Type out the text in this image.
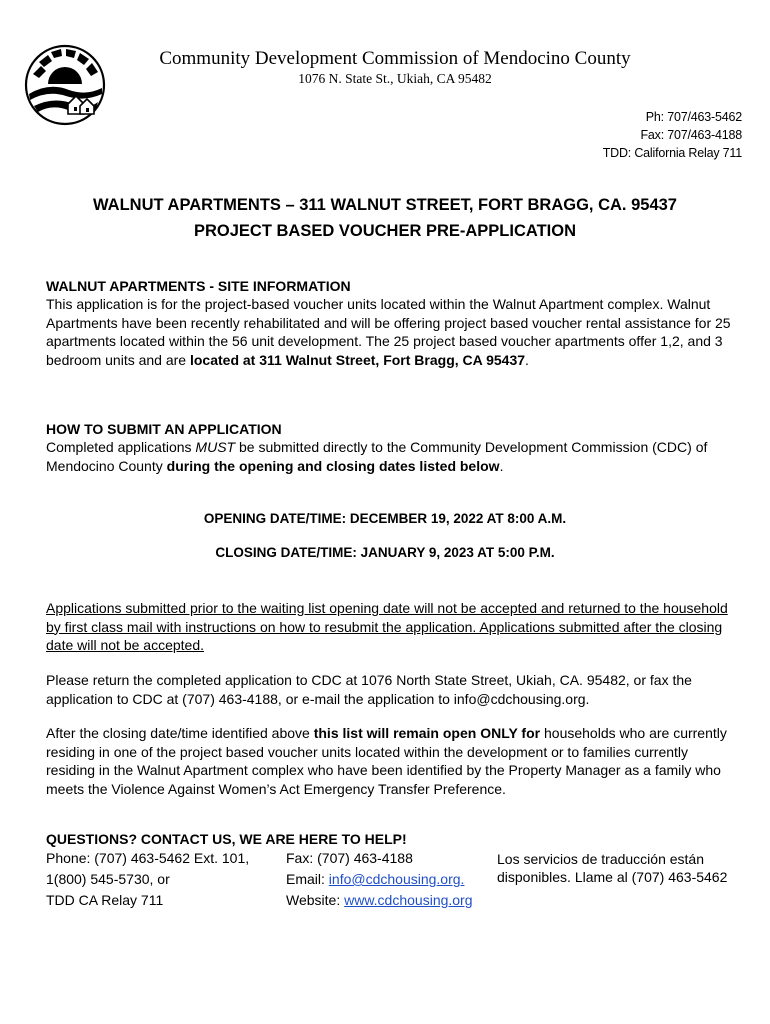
Community Development Commission of Mendocino County
1076 N. State St., Ukiah, CA 95482
Ph: 707/463-5462
Fax: 707/463-4188
TDD: California Relay 711
WALNUT APARTMENTS – 311 WALNUT STREET, FORT BRAGG, CA. 95437
PROJECT BASED VOUCHER PRE-APPLICATION
WALNUT APARTMENTS - SITE INFORMATION
This application is for the project-based voucher units located within the Walnut Apartment complex. Walnut Apartments have been recently rehabilitated and will be offering project based voucher rental assistance for 25 apartments located within the 56 unit development. The 25 project based voucher apartments offer 1,2, and 3 bedroom units and are located at 311 Walnut Street, Fort Bragg, CA 95437.
HOW TO SUBMIT AN APPLICATION
Completed applications MUST be submitted directly to the Community Development Commission (CDC) of Mendocino County during the opening and closing dates listed below.
OPENING DATE/TIME: DECEMBER 19, 2022 AT 8:00 A.M.
CLOSING DATE/TIME: JANUARY 9, 2023 AT 5:00 P.M.
Applications submitted prior to the waiting list opening date will not be accepted and returned to the household by first class mail with instructions on how to resubmit the application. Applications submitted after the closing date will not be accepted.
Please return the completed application to CDC at 1076 North State Street, Ukiah, CA. 95482, or fax the application to CDC at (707) 463-4188, or e-mail the application to info@cdchousing.org.
After the closing date/time identified above this list will remain open ONLY for households who are currently residing in one of the project based voucher units located within the development or to families currently residing in the Walnut Apartment complex who have been identified by the Property Manager as a family who meets the Violence Against Women’s Act Emergency Transfer Preference.
QUESTIONS? CONTACT US, WE ARE HERE TO HELP!
Phone: (707) 463-5462 Ext. 101,
1(800) 545-5730, or
TDD CA Relay 711
Fax: (707) 463-4188
Email: info@cdchousing.org.
Website: www.cdchousing.org
Los servicios de traducción están disponibles. Llame al (707) 463-5462
